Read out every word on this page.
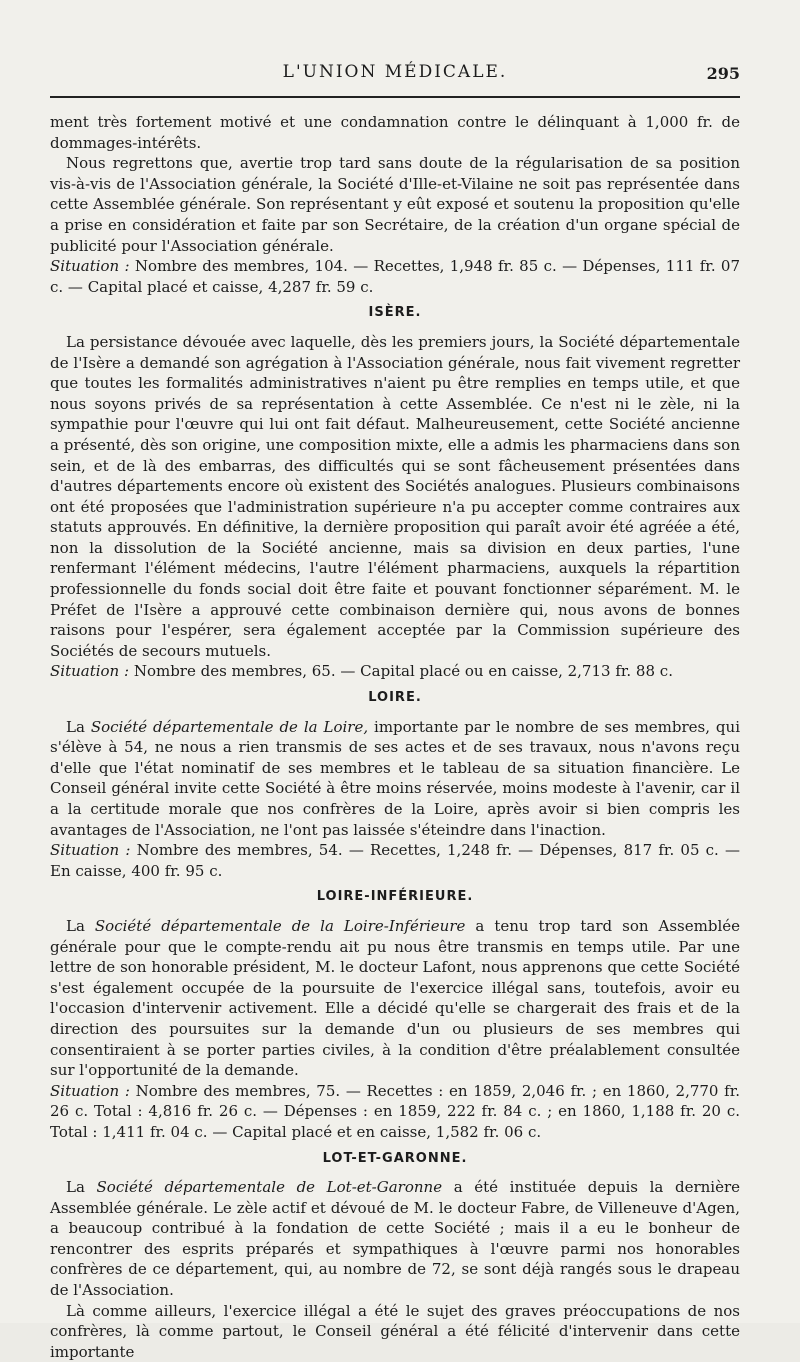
L'UNION MÉDICALE.	295

ment très fortement motivé et une condamnation contre le délinquant à 1,000 fr. de dommages-intérêts.

Nous regrettons que, avertie trop tard sans doute de la régularisation de sa position vis-à-vis de l'Association générale, la Société d'Ille-et-Vilaine ne soit pas représentée dans cette Assemblée générale. Son représentant y eût exposé et soutenu la proposition qu'elle a prise en considération et faite par son Secrétaire, de la création d'un organe spécial de publicité pour l'Association générale.

Situation : Nombre des membres, 104. — Recettes, 1,948 fr. 85 c. — Dépenses, 111 fr. 07 c. — Capital placé et caisse, 4,287 fr. 59 c.

ISÈRE.

La persistance dévouée avec laquelle, dès les premiers jours, la Société départementale de l'Isère a demandé son agrégation à l'Association générale, nous fait vivement regretter que toutes les formalités administratives n'aient pu être remplies en temps utile, et que nous soyons privés de sa représentation à cette Assemblée. Ce n'est ni le zèle, ni la sympathie pour l'œuvre qui lui ont fait défaut. Malheureusement, cette Société ancienne a présenté, dès son origine, une composition mixte, elle a admis les pharmaciens dans son sein, et de là des embarras, des difficultés qui se sont fâcheusement présentées dans d'autres départements encore où existent des Sociétés analogues. Plusieurs combinaisons ont été proposées que l'administration supérieure n'a pu accepter comme contraires aux statuts approuvés. En définitive, la dernière proposition qui paraît avoir été agréée a été, non la dissolution de la Société ancienne, mais sa division en deux parties, l'une renfermant l'élément médecins, l'autre l'élément pharmaciens, auxquels la répartition professionnelle du fonds social doit être faite et pouvant fonctionner séparément. M. le Préfet de l'Isère a approuvé cette combinaison dernière qui, nous avons de bonnes raisons pour l'espérer, sera également acceptée par la Commission supérieure des Sociétés de secours mutuels.

Situation : Nombre des membres, 65. — Capital placé ou en caisse, 2,713 fr. 88 c.

LOIRE.

La Société départementale de la Loire, importante par le nombre de ses membres, qui s'élève à 54, ne nous a rien transmis de ses actes et de ses travaux, nous n'avons reçu d'elle que l'état nominatif de ses membres et le tableau de sa situation financière. Le Conseil général invite cette Société à être moins réservée, moins modeste à l'avenir, car il a la certitude morale que nos confrères de la Loire, après avoir si bien compris les avantages de l'Association, ne l'ont pas laissée s'éteindre dans l'inaction.

Situation : Nombre des membres, 54. — Recettes, 1,248 fr. — Dépenses, 817 fr. 05 c. — En caisse, 400 fr. 95 c.

LOIRE-INFÉRIEURE.

La Société départementale de la Loire-Inférieure a tenu trop tard son Assemblée générale pour que le compte-rendu ait pu nous être transmis en temps utile. Par une lettre de son honorable président, M. le docteur Lafont, nous apprenons que cette Société s'est également occupée de la poursuite de l'exercice illégal sans, toutefois, avoir eu l'occasion d'intervenir activement. Elle a décidé qu'elle se chargerait des frais et de la direction des poursuites sur la demande d'un ou plusieurs de ses membres qui consentiraient à se porter parties civiles, à la condition d'être préalablement consultée sur l'opportunité de la demande.

Situation : Nombre des membres, 75. — Recettes : en 1859, 2,046 fr. ; en 1860, 2,770 fr. 26 c. Total : 4,816 fr. 26 c. — Dépenses : en 1859, 222 fr. 84 c. ; en 1860, 1,188 fr. 20 c. Total : 1,411 fr. 04 c. — Capital placé et en caisse, 1,582 fr. 06 c.

LOT-ET-GARONNE.

La Société départementale de Lot-et-Garonne a été instituée depuis la dernière Assemblée générale. Le zèle actif et dévoué de M. le docteur Fabre, de Villeneuve d'Agen, a beaucoup contribué à la fondation de cette Société ; mais il a eu le bonheur de rencontrer des esprits préparés et sympathiques à l'œuvre parmi nos honorables confrères de ce département, qui, au nombre de 72, se sont déjà rangés sous le drapeau de l'Association.

Là comme ailleurs, l'exercice illégal a été le sujet des graves préoccupations de nos confrères, là comme partout, le Conseil général a été félicité d'intervenir dans cette importante
